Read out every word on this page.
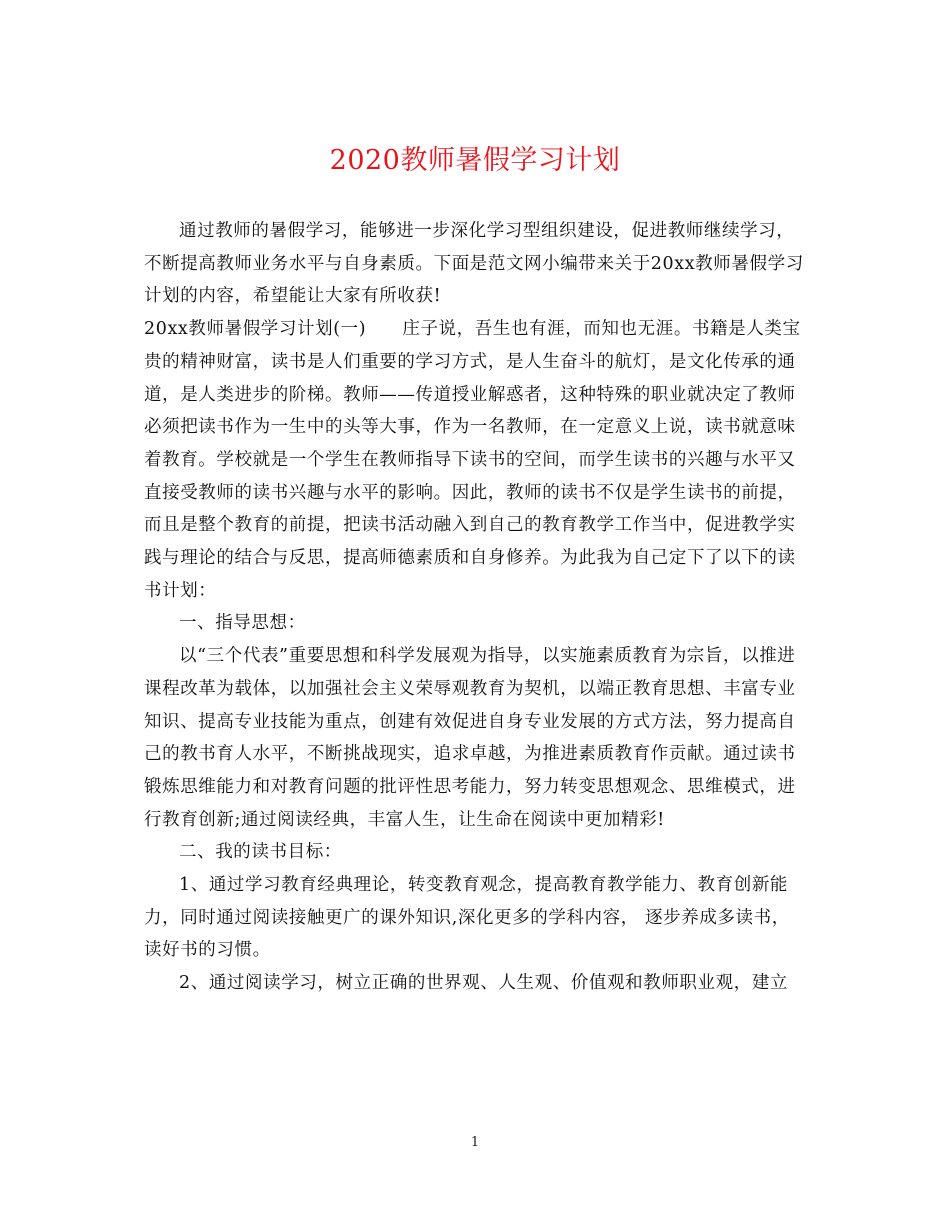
2020教师暑假学习计划

通过教师的暑假学习，能够进一步深化学习型组织建设，促进教师继续学习，不断提高教师业务水平与自身素质。下面是范文网小编带来关于20xx教师暑假学习计划的内容，希望能让大家有所收获!

20xx教师暑假学习计划(一)　　庄子说，吾生也有涯，而知也无涯。书籍是人类宝贵的精神财富，读书是人们重要的学习方式，是人生奋斗的航灯，是文化传承的通道，是人类进步的阶梯。教师——传道授业解惑者，这种特殊的职业就决定了教师必须把读书作为一生中的头等大事，作为一名教师，在一定意义上说，读书就意味着教育。学校就是一个学生在教师指导下读书的空间，而学生读书的兴趣与水平又直接受教师的读书兴趣与水平的影响。因此，教师的读书不仅是学生读书的前提，而且是整个教育的前提，把读书活动融入到自己的教育教学工作当中，促进教学实践与理论的结合与反思，提高师德素质和自身修养。为此我为自己定下了以下的读书计划：

一、指导思想：

以“三个代表”重要思想和科学发展观为指导，以实施素质教育为宗旨，以推进课程改革为载体，以加强社会主义荣辱观教育为契机，以端正教育思想、丰富专业知识、提高专业技能为重点，创建有效促进自身专业发展的方式方法，努力提高自己的教书育人水平，不断挑战现实，追求卓越，为推进素质教育作贡献。通过读书锻炼思维能力和对教育问题的批评性思考能力，努力转变思想观念、思维模式，进行教育创新;通过阅读经典，丰富人生，让生命在阅读中更加精彩!

二、我的读书目标：

1、通过学习教育经典理论，转变教育观念，提高教育教学能力、教育创新能力，同时通过阅读接触更广的课外知识,深化更多的学科内容， 逐步养成多读书，读好书的习惯。

2、通过阅读学习，树立正确的世界观、人生观、价值观和教师职业观，建立

1
